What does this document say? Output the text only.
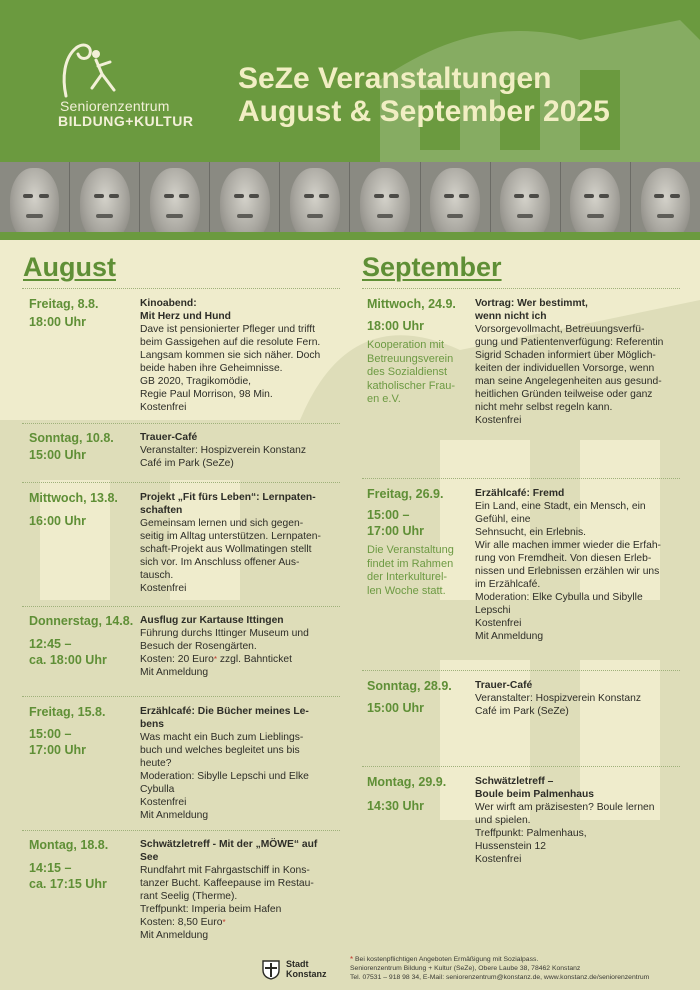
Seniorenzentrum
BILDUNG+KULTUR
SeZe Veranstaltungen
August & September 2025
August	September
Freitag, 8.8.
18:00 Uhr
Kinoabend:
Mit Herz und Hund
Dave ist pensionierter Pfleger und trifft
beim Gassigehen auf die resolute Fern.
Langsam kommen sie sich näher. Doch
beide haben ihre Geheimnisse.
GB 2020, Tragikomödie,
Regie Paul Morrison, 98 Min.
Kostenfrei
Sonntag, 10.8.
15:00 Uhr
Trauer-Café
Veranstalter: Hospizverein Konstanz
Café im Park (SeZe)
Mittwoch, 13.8.
16:00 Uhr
Projekt „Fit fürs Leben“: Lernpaten-
schaften
Gemeinsam lernen und sich gegen-
seitig im Alltag unterstützen. Lernpaten-
schaft-Projekt aus Wollmatingen stellt
sich vor. Im Anschluss offener Aus-
tausch.
Kostenfrei
Donnerstag, 14.8.
12:45 –
ca. 18:00 Uhr
Ausflug zur Kartause Ittingen
Führung durchs Ittinger Museum und
Besuch der Rosengärten.
Kosten: 20 Euro* zzgl. Bahnticket
Mit Anmeldung
Freitag, 15.8.
15:00 –
17:00 Uhr
Erzählcafé: Die Bücher meines Le-
bens
Was macht ein Buch zum Lieblings-
buch und welches begleitet uns bis
heute?
Moderation: Sibylle Lepschi und Elke
Cybulla
Kostenfrei
Mit Anmeldung
Montag, 18.8.
14:15 –
ca. 17:15 Uhr
Schwätzletreff - Mit der „MÖWE“ auf
See
Rundfahrt mit Fahrgastschiff in Kons-
tanzer Bucht. Kaffeepause im Restau-
rant Seelig (Therme).
Treffpunkt: Imperia beim Hafen
Kosten: 8,50 Euro*
Mit Anmeldung
Mittwoch, 24.9.
18:00 Uhr
Kooperation mit
Betreuungsverein
des Sozialdienst
katholischer Frau-
en e.V.
Vortrag: Wer bestimmt,
wenn nicht ich
Vorsorgevollmacht, Betreuungsverfü-
gung und Patientenverfügung: Referentin
Sigrid Schaden informiert über Möglich-
keiten der individuellen Vorsorge, wenn
man seine Angelegenheiten aus gesund-
heitlichen Gründen teilweise oder ganz
nicht mehr selbst regeln kann.
Kostenfrei
Freitag, 26.9.
15:00 –
17:00 Uhr
Die Veranstaltung
findet im Rahmen
der Interkulturel-
len Woche statt.
Erzählcafé: Fremd
Ein Land, eine Stadt, ein Mensch, ein
Gefühl, eine
Sehnsucht, ein Erlebnis.
Wir alle machen immer wieder die Erfah-
rung von Fremdheit. Von diesen Erleb-
nissen und Erlebnissen erzählen wir uns
im Erzählcafé.
Moderation: Elke Cybulla und Sibylle
Lepschi
Kostenfrei
Mit Anmeldung
Sonntag, 28.9.
15:00 Uhr
Trauer-Café
Veranstalter: Hospizverein Konstanz
Café im Park (SeZe)
Montag, 29.9.
14:30 Uhr
Schwätzletreff –
Boule beim Palmenhaus
Wer wirft am präzisesten? Boule lernen
und spielen.
Treffpunkt: Palmenhaus,
Hussenstein 12
Kostenfrei
Stadt
Konstanz
* Bei kostenpflichtigen Angeboten Ermäßigung mit Sozialpass.
Seniorenzentrum Bildung + Kultur (SeZe), Obere Laube 38, 78462 Konstanz
Tel. 07531 – 918 98 34, E-Mail: seniorenzentrum@konstanz.de, www.konstanz.de/seniorenzentrum
